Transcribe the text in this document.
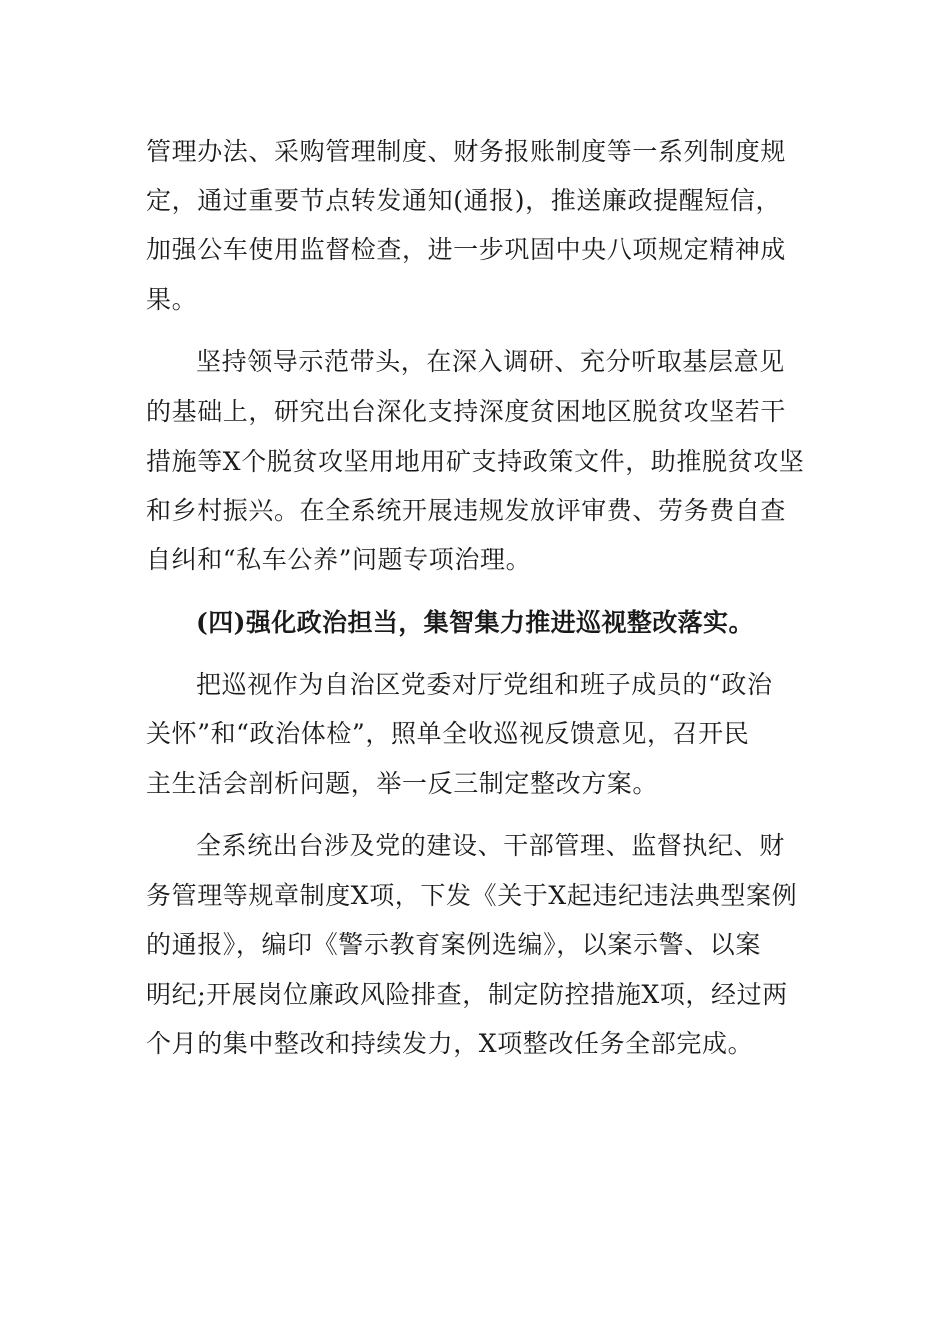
管理办法、采购管理制度、财务报账制度等一系列制度规
定，通过重要节点转发通知(通报)，推送廉政提醒短信，
加强公车使用监督检查，进一步巩固中央八项规定精神成
果。
坚持领导示范带头，在深入调研、充分听取基层意见
的基础上，研究出台深化支持深度贫困地区脱贫攻坚若干
措施等X个脱贫攻坚用地用矿支持政策文件，助推脱贫攻坚
和乡村振兴。在全系统开展违规发放评审费、劳务费自查
自纠和“私车公养”问题专项治理。
(四)强化政治担当，集智集力推进巡视整改落实。
把巡视作为自治区党委对厅党组和班子成员的“政治
关怀”和“政治体检”，照单全收巡视反馈意见，召开民
主生活会剖析问题，举一反三制定整改方案。
全系统出台涉及党的建设、干部管理、监督执纪、财
务管理等规章制度X项，下发《关于X起违纪违法典型案例
的通报》，编印《警示教育案例选编》，以案示警、以案
明纪;开展岗位廉政风险排查，制定防控措施X项，经过两
个月的集中整改和持续发力，X项整改任务全部完成。
